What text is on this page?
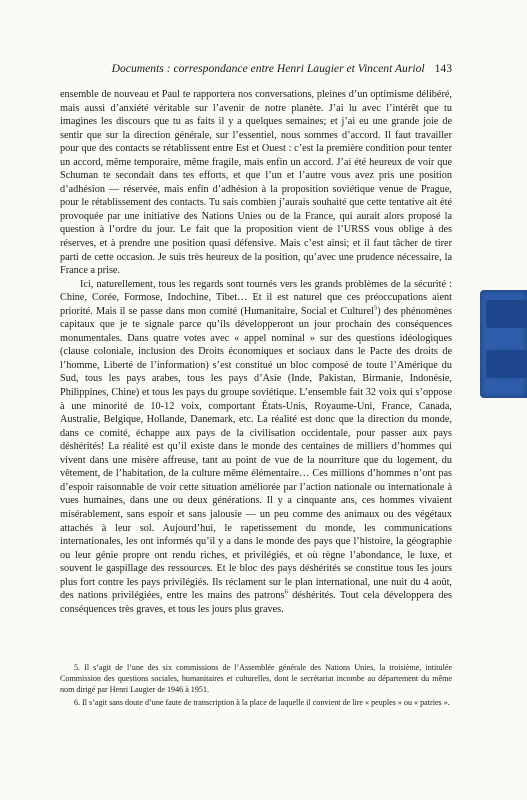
Documents : correspondance entre Henri Laugier et Vincent Auriol 143

ensemble de nouveau et Paul te rapportera nos conversations, pleines d’un optimisme délibéré, mais aussi d’anxiété véritable sur l’avenir de notre planète. J’ai lu avec l’intérêt que tu imagines les discours que tu as faits il y a quelques semaines; et j’ai eu une grande joie de sentir que sur la direction générale, sur l’essentiel, nous sommes d’accord. Il faut travailler pour que des contacts se rétablissent entre Est et Ouest : c’est la première condition pour tenter un accord, même temporaire, même fragile, mais enfin un accord. J’ai été heureux de voir que Schuman te secondait dans tes efforts, et que l’un et l’autre vous avez pris une position d’adhésion — réservée, mais enfin d’adhésion à la proposition soviétique venue de Prague, pour le rétablissement des contacts. Tu sais combien j’aurais souhaité que cette tentative ait été provoquée par une initiative des Nations Unies ou de la France, qui aurait alors proposé la question à l’ordre du jour. Le fait que la proposition vient de l’URSS vous oblige à des réserves, et à prendre une position quasi défensive. Mais c’est ainsi; et il faut tâcher de tirer parti de cette occasion. Je suis très heureux de la position, qu’avec une prudence nécessaire, la France a prise.

Ici, naturellement, tous les regards sont tournés vers les grands problèmes de la sécurité : Chine, Corée, Formose, Indochine, Tibet… Et il est naturel que ces préoccupations aient priorité. Mais il se passe dans mon comité (Humanitaire, Social et Culturel$^5$) des phénomènes capitaux que je te signale parce qu’ils développeront un jour prochain des conséquences monumentales. Dans quatre votes avec « appel nominal » sur des questions idéologiques (clause coloniale, inclusion des Droits économiques et sociaux dans le Pacte des droits de l’homme, Liberté de l’information) s’est constitué un bloc composé de toute l’Amérique du Sud, tous les pays arabes, tous les pays d’Asie (Inde, Pakistan, Birmanie, Indonésie, Philippines, Chine) et tous les pays du groupe soviétique. L’ensemble fait 32 voix qui s’oppose à une minorité de 10-12 voix, comportant États-Unis, Royaume-Uni, France, Canada, Australie, Belgique, Hollande, Danemark, etc. La réalité est donc que la direction du monde, dans ce comité, échappe aux pays de la civilisation occidentale, pour passer aux pays déshérités! La réalité est qu’il existe dans le monde des centaines de milliers d’hommes qui vivent dans une misère affreuse, tant au point de vue de la nourriture que du logement, du vêtement, de l’habitation, de la culture même élémentaire… Ces millions d’hommes n’ont pas d’espoir raisonnable de voir cette situation améliorée par l’action nationale ou internationale à vues humaines, dans une ou deux générations. Il y a cinquante ans, ces hommes vivaient misérablement, sans espoir et sans jalousie — un peu comme des animaux ou des végétaux attachés à leur sol. Aujourd’hui, le rapetissement du monde, les communications internationales, les ont informés qu’il y a dans le monde des pays que l’histoire, la géographie ou leur génie propre ont rendu riches, et privilégiés, et où règne l’abondance, le luxe, et souvent le gaspillage des ressources. Et le bloc des pays déshérités se constitue tous les jours plus fort contre les pays privilégiés. Ils réclament sur le plan international, une nuit du 4 août, des nations privilégiées, entre les mains des patrons$^6$ déshérités. Tout cela développera des conséquences très graves, et tous les jours plus graves.

5. Il s’agit de l’une des six commissions de l’Assemblée générale des Nations Unies, la troisième, intitulée Commission des questions sociales, humanitaires et culturelles, dont le secrétariat incombe au département du même nom dirigé par Henri Laugier de 1946 à 1951.

6. Il s’agit sans doute d’une faute de transcription à la place de laquelle il convient de lire « peuples » ou « patries ».
